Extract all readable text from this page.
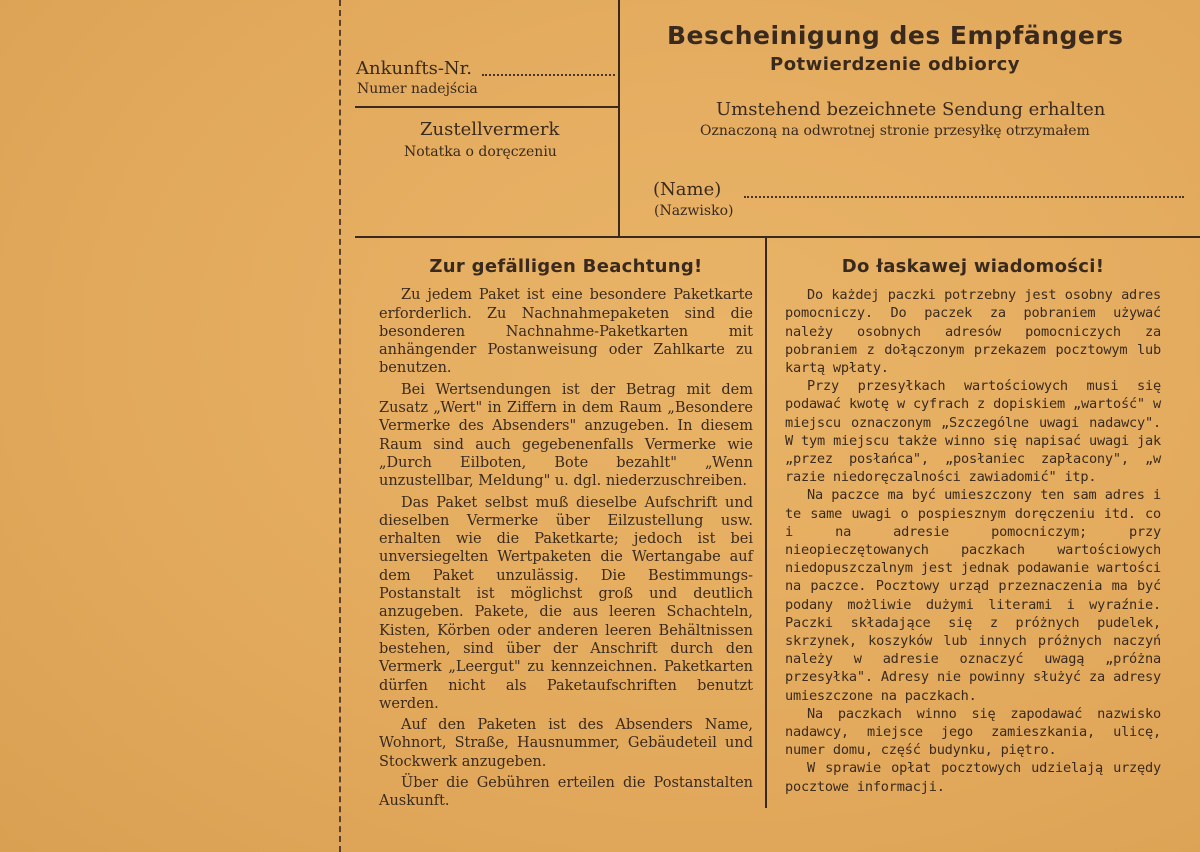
Ankunfts-Nr.
Numer nadejścia
Zustellvermerk
Notatka o doręczeniu
Bescheinigung des Empfängers
Potwierdzenie odbiorcy
Umstehend bezeichnete Sendung erhalten
Oznaczoną na odwrotnej stronie przesyłkę otrzymałem
(Name)
(Nazwisko)
Zur gefälligen Beachtung!

Zu jedem Paket ist eine besondere Paketkarte erforderlich. Zu Nachnahmepaketen sind die besonderen Nachnahme-Paketkarten mit anhängender Postanweisung oder Zahlkarte zu benutzen.

Bei Wertsendungen ist der Betrag mit dem Zusatz „Wert" in Ziffern in dem Raum „Besondere Vermerke des Absenders" anzugeben. In diesem Raum sind auch gegebenenfalls Vermerke wie „Durch Eilboten, Bote bezahlt" „Wenn unzustellbar, Meldung" u. dgl. niederzuschreiben.

Das Paket selbst muß dieselbe Aufschrift und dieselben Vermerke über Eilzustellung usw. erhalten wie die Paketkarte; jedoch ist bei unversiegelten Wertpaketen die Wertangabe auf dem Paket unzulässig. Die Bestimmungs-Postanstalt ist möglichst groß und deutlich anzugeben. Pakete, die aus leeren Schachteln, Kisten, Körben oder anderen leeren Behältnissen bestehen, sind über der Anschrift durch den Vermerk „Leergut" zu kennzeichnen. Paketkarten dürfen nicht als Paketaufschriften benutzt werden.

Auf den Paketen ist des Absenders Name, Wohnort, Straße, Hausnummer, Gebäudeteil und Stockwerk anzugeben.

Über die Gebühren erteilen die Postanstalten Auskunft.

Do łaskawej wiadomości!

Do każdej paczki potrzebny jest osobny adres pomocniczy. Do paczek za pobraniem używać należy osobnych adresów pomocniczych za pobraniem z dołączonym przekazem pocztowym lub kartą wpłaty.

Przy przesyłkach wartościowych musi się podawać kwotę w cyfrach z dopiskiem „wartość" w miejscu oznaczonym „Szczególne uwagi nadawcy". W tym miejscu także winno się napisać uwagi jak „przez posłańca", „posłaniec zapłacony", „w razie niedoręczalności zawiadomić" itp.

Na paczce ma być umieszczony ten sam adres i te same uwagi o pospiesznym doręczeniu itd. co i na adresie pomocniczym; przy nieopieczętowanych paczkach wartościowych niedopuszczalnym jest jednak podawanie wartości na paczce. Pocztowy urząd przeznaczenia ma być podany możliwie dużymi literami i wyraźnie. Paczki składające się z próżnych pudelek, skrzynek, koszyków lub innych próżnych naczyń należy w adresie oznaczyć uwagą „próżna przesyłka". Adresy nie powinny służyć za adresy umieszczone na paczkach.

Na paczkach winno się zapodawać nazwisko nadawcy, miejsce jego zamieszkania, ulicę, numer domu, część budynku, piętro.

W sprawie opłat pocztowych udzielają urzędy pocztowe informacji.
